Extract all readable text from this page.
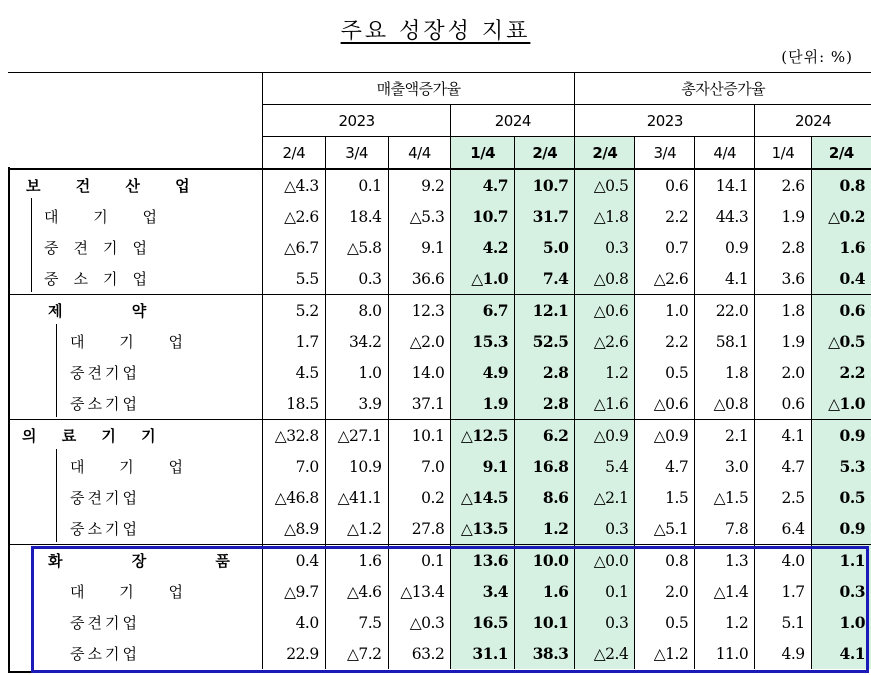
주요 성장성 지표
(단위: %)
	매출액증가율					총자산증가율				
	2023			2024		2023			2024	
	2/4	3/4	4/4	1/4	2/4	2/4	3/4	4/4	1/4	2/4
보 건 산 업	△4.3	0.1	9.2	4.7	10.7	△0.5	0.6	14.1	2.6	0.8
대 기 업	△2.6	18.4	△5.3	10.7	31.7	△1.8	2.2	44.3	1.9	△0.2
중견기업	△6.7	△5.8	9.1	4.2	5.0	0.3	0.7	0.9	2.8	1.6
중소기업	5.5	0.3	36.6	△1.0	7.4	△0.8	△2.6	4.1	3.6	0.4
제 약	5.2	8.0	12.3	6.7	12.1	△0.6	1.0	22.0	1.8	0.6
대 기 업	1.7	34.2	△2.0	15.3	52.5	△2.6	2.2	58.1	1.9	△0.5
중견기업	4.5	1.0	14.0	4.9	2.8	1.2	0.5	1.8	2.0	2.2
중소기업	18.5	3.9	37.1	1.9	2.8	△1.6	△0.6	△0.8	0.6	△1.0
의 료 기 기	△32.8	△27.1	10.1	△12.5	6.2	△0.9	△0.9	2.1	4.1	0.9
대 기 업	7.0	10.9	7.0	9.1	16.8	5.4	4.7	3.0	4.7	5.3
중견기업	△46.8	△41.1	0.2	△14.5	8.6	△2.1	1.5	△1.5	2.5	0.5
중소기업	△8.9	△1.2	27.8	△13.5	1.2	0.3	△5.1	7.8	6.4	0.9
화 장 품	0.4	1.6	0.1	13.6	10.0	△0.0	0.8	1.3	4.0	1.1
대 기 업	△9.7	△4.6	△13.4	3.4	1.6	0.1	2.0	△1.4	1.7	0.3
중견기업	4.0	7.5	△0.3	16.5	10.1	0.3	0.5	1.2	5.1	1.0
중소기업	22.9	△7.2	63.2	31.1	38.3	△2.4	△1.2	11.0	4.9	4.1
